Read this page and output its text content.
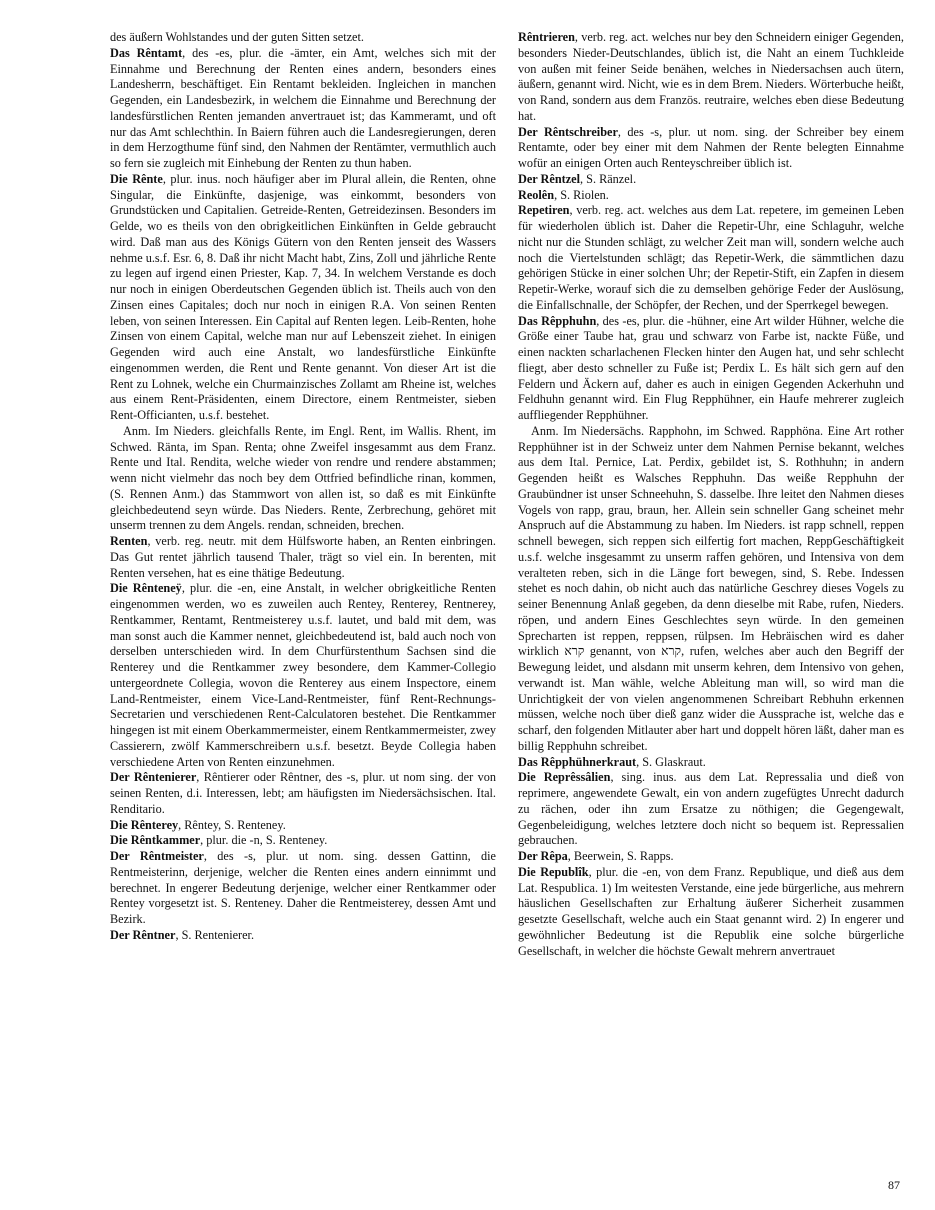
des äußern Wohlstandes und der guten Sitten setzet.

Das Rêntamt, des -es, plur. die -ämter, ein Amt, welches sich mit der Einnahme und Berechnung der Renten eines andern, besonders eines Landesherrn, beschäftiget. Ein Rentamt bekleiden. Ingleichen in manchen Gegenden, ein Landesbezirk, in welchem die Einnahme und Berechnung der landesfürstlichen Renten jemanden anvertrauet ist; das Kammeramt, und oft nur das Amt schlechthin. In Baiern führen auch die Landesregierungen, deren in dem Herzogthume fünf sind, den Nahmen der Rentämter, vermuthlich auch so fern sie zugleich mit Einhebung der Renten zu thun haben.

Die Rênte, plur. inus. noch häufiger aber im Plural allein, die Renten, ohne Singular, die Einkünfte, dasjenige, was einkommt, besonders von Grundstücken und Capitalien. Getreide-Renten, Getreidezinsen. Besonders im Gelde, wo es theils von den obrigkeitlichen Einkünften in Gelde gebraucht wird. Daß man aus des Königs Gütern von den Renten jenseit des Wassers nehme u.s.f. Esr. 6, 8. Daß ihr nicht Macht habt, Zins, Zoll und jährliche Rente zu legen auf irgend einen Priester, Kap. 7, 34. In welchem Verstande es doch nur noch in einigen Oberdeutschen Gegenden üblich ist. Theils auch von den Zinsen eines Capitales; doch nur noch in einigen R.A. Von seinen Renten leben, von seinen Interessen. Ein Capital auf Renten legen. Leib-Renten, hohe Zinsen von einem Capital, welche man nur auf Lebenszeit ziehet. In einigen Gegenden wird auch eine Anstalt, wo landesfürstliche Einkünfte eingenommen werden, die Rent und Rente genannt. Von dieser Art ist die Rent zu Lohnek, welche ein Churmainzisches Zollamt am Rheine ist, welches aus einem Rent-Präsidenten, einem Directore, einem Rentmeister, sieben Rent-Officianten, u.s.f. bestehet.

Anm. Im Nieders. gleichfalls Rente, im Engl. Rent, im Wallis. Rhent, im Schwed. Ränta, im Span. Renta; ohne Zweifel insgesammt aus dem Franz. Rente und Ital. Rendita, welche wieder von rendre und rendere abstammen; wenn nicht vielmehr das noch bey dem Ottfried befindliche rinan, kommen, (S. Rennen Anm.) das Stammwort von allen ist, so daß es mit Einkünfte gleichbedeutend seyn würde. Das Nieders. Rente, Zerbrechung, gehöret mit unserm trennen zu dem Angels. rendan, schneiden, brechen.

Renten, verb. reg. neutr. mit dem Hülfsworte haben, an Renten einbringen. Das Gut rentet jährlich tausend Thaler, trägt so viel ein. In berenten, mit Renten versehen, hat es eine thätige Bedeutung.

Die Rênteneÿ, plur. die -en, eine Anstalt, in welcher obrigkeitliche Renten eingenommen werden, wo es zuweilen auch Rentey, Renterey, Rentnerey, Rentkammer, Rentamt, Rentmeisterey u.s.f. lautet, und bald mit dem, was man sonst auch die Kammer nennet, gleichbedeutend ist, bald auch noch von derselben unterschieden wird. In dem Churfürstenthum Sachsen sind die Renterey und die Rentkammer zwey besondere, dem Kammer-Collegio untergeordnete Collegia, wovon die Renterey aus einem Inspectore, einem Land-Rentmeister, einem Vice-Land-Rentmeister, fünf Rent-Rechnungs-Secretarien und verschiedenen Rent-Calculatoren bestehet. Die Rentkammer hingegen ist mit einem Oberkammermeister, einem Rentkammermeister, zwey Cassierern, zwölf Kammerschreibern u.s.f. besetzt. Beyde Collegia haben verschiedene Arten von Renten einzunehmen.

Der Rêntenierer, Rêntierer oder Rêntner, des -s, plur. ut nom sing. der von seinen Renten, d.i. Interessen, lebt; am häufigsten im Niedersächsischen. Ital. Renditario.

Die Rênterey, Rêntey, S. Renteney.

Die Rêntkammer, plur. die -n, S. Renteney.

Der Rêntmeister, des -s, plur. ut nom. sing. dessen Gattinn, die Rentmeisterinn, derjenige, welcher die Renten eines andern einnimmt und berechnet. In engerer Bedeutung derjenige, welcher einer Rentkammer oder Rentey vorgesetzt ist. S. Renteney. Daher die Rentmeisterey, dessen Amt und Bezirk.

Der Rêntner, S. Rentenierer.

Rêntrieren, verb. reg. act. welches nur bey den Schneidern einiger Gegenden, besonders Nieder-Deutschlandes, üblich ist, die Naht an einem Tuchkleide von außen mit feiner Seide benähen, welches in Niedersachsen auch ütern, äußern, genannt wird. Nicht, wie es in dem Brem. Nieders. Wörterbuche heißt, von Rand, sondern aus dem Französ. reutraire, welches eben diese Bedeutung hat.

Der Rêntschreiber, des -s, plur. ut nom. sing. der Schreiber bey einem Rentamte, oder bey einer mit dem Nahmen der Rente belegten Einnahme wofür an einigen Orten auch Renteyschreiber üblich ist.

Der Rêntzel, S. Ränzel.

Reolên, S. Riolen.

Repetiren, verb. reg. act. welches aus dem Lat. repetere, im gemeinen Leben für wiederholen üblich ist. Daher die Repetir-Uhr, eine Schlaguhr, welche nicht nur die Stunden schlägt, zu welcher Zeit man will, sondern welche auch noch die Viertelstunden schlägt; das Repetir-Werk, die sämmtlichen dazu gehörigen Stücke in einer solchen Uhr; der Repetir-Stift, ein Zapfen in diesem Repetir-Werke, worauf sich die zu demselben gehörige Feder der Auslösung, die Einfallschnalle, der Schöpfer, der Rechen, und der Sperrkegel bewegen.

Das Rêpphuhn, des -es, plur. die -hühner, eine Art wilder Hühner, welche die Größe einer Taube hat, grau und schwarz von Farbe ist, nackte Füße, und einen nackten scharlachenen Flecken hinter den Augen hat, und sehr schlecht fliegt, aber desto schneller zu Fuße ist; Perdix L. Es hält sich gern auf den Feldern und Äckern auf, daher es auch in einigen Gegenden Ackerhuhn und Feldhuhn genannt wird. Ein Flug Repphühner, ein Haufe mehrerer zugleich auffliegender Repphühner.

Anm. Im Niedersächs. Rapphohn, im Schwed. Rapphöna. Eine Art rother Repphühner ist in der Schweiz unter dem Nahmen Pernise bekannt, welches aus dem Ital. Pernice, Lat. Perdix, gebildet ist, S. Rothhuhn; in andern Gegenden heißt es Walsches Repphuhn. Das weiße Repphuhn der Graubündner ist unser Schneehuhn, S. dasselbe. Ihre leitet den Nahmen dieses Vogels von rapp, grau, braun, her. Allein sein schneller Gang scheinet mehr Anspruch auf die Abstammung zu haben. Im Nieders. ist rapp schnell, reppen schnell bewegen, sich reppen sich eilfertig fort machen, ReppGeschäftigkeit u.s.f. welche insgesammt zu unserm raffen gehören, und Intensiva von dem veralteten reben, sich in die Länge fort bewegen, sind, S. Rebe. Indessen stehet es noch dahin, ob nicht auch das natürliche Geschrey dieses Vogels zu seiner Benennung Anlaß gegeben, da denn dieselbe mit Rabe, rufen, Nieders. röpen, und andern Eines Geschlechtes seyn würde. In den gemeinen Sprecharten ist reppen, reppsen, rülpsen. Im Hebräischen wird es daher wirklich קרא genannt, von קרא, rufen, welches aber auch den Begriff der Bewegung leidet, und alsdann mit unserm kehren, dem Intensivo von gehen, verwandt ist. Man wähle, welche Ableitung man will, so wird man die Unrichtigkeit der von vielen angenommenen Schreibart Rebhuhn erkennen müssen, welche noch über dieß ganz wider die Aussprache ist, welche das e scharf, den folgenden Mitlauter aber hart und doppelt hören läßt, daher man es billig Repphuhn schreibet.

Das Rêpphühnerkraut, S. Glaskraut.

Die Reprêssâlien, sing. inus. aus dem Lat. Repressalia und dieß von reprimere, angewendete Gewalt, ein von andern zugefügtes Unrecht dadurch zu rächen, oder ihn zum Ersatze zu nöthigen; die Gegengewalt, Gegenbeleidigung, welches letztere doch nicht so bequem ist. Repressalien gebrauchen.

Der Rêpa, Beerwein, S. Rapps.

Die Republîk, plur. die -en, von dem Franz. Republique, und dieß aus dem Lat. Respublica. 1) Im weitesten Verstande, eine jede bürgerliche, aus mehrern häuslichen Gesellschaften zur Erhaltung äußerer Sicherheit zusammen gesetzte Gesellschaft, welche auch ein Staat genannt wird. 2) In engerer und gewöhnlicher Bedeutung ist die Republik eine solche bürgerliche Gesellschaft, in welcher die höchste Gewalt mehrern anvertrauet

87
